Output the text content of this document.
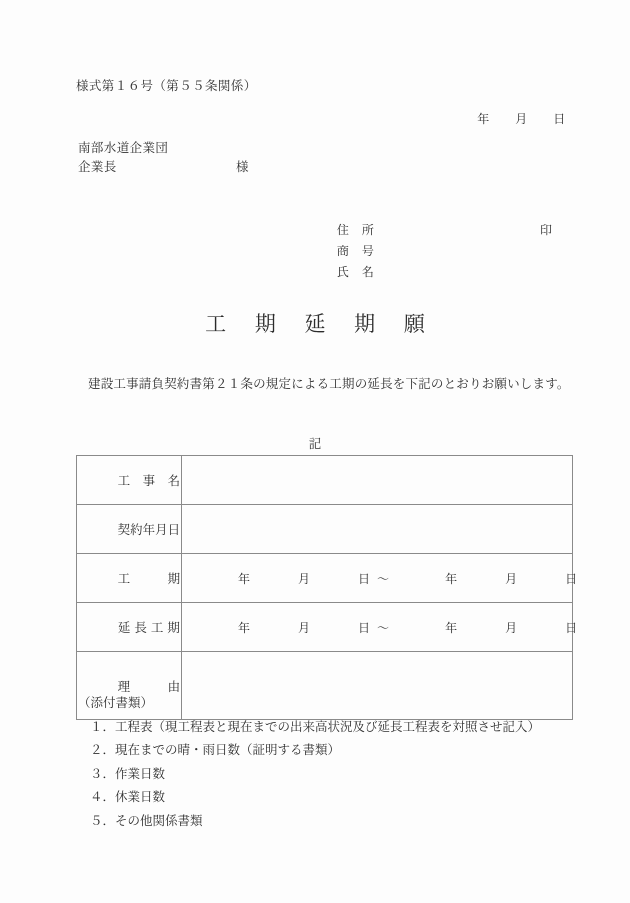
様式第１６号（第５５条関係）

年 月 日

南部水道企業団
企業長	様

住　所

商　号

印

氏　名

工 期 延 期 願
建設工事請負契約書第２１条の規定による工期の延長を下記のとおりお願いします。
記

工　事　名

契約年月日

工　　　期	年 月 日 ～ 年 月 日

延 長 工 期	年 月 日 ～ 年 月 日

理　　　由

（添付書類）
１．工程表（現工程表と現在までの出来高状況及び延長工程表を対照させ記入）
２．現在までの晴・雨日数（証明する書類）
３．作業日数
４．休業日数
５．その他関係書類
